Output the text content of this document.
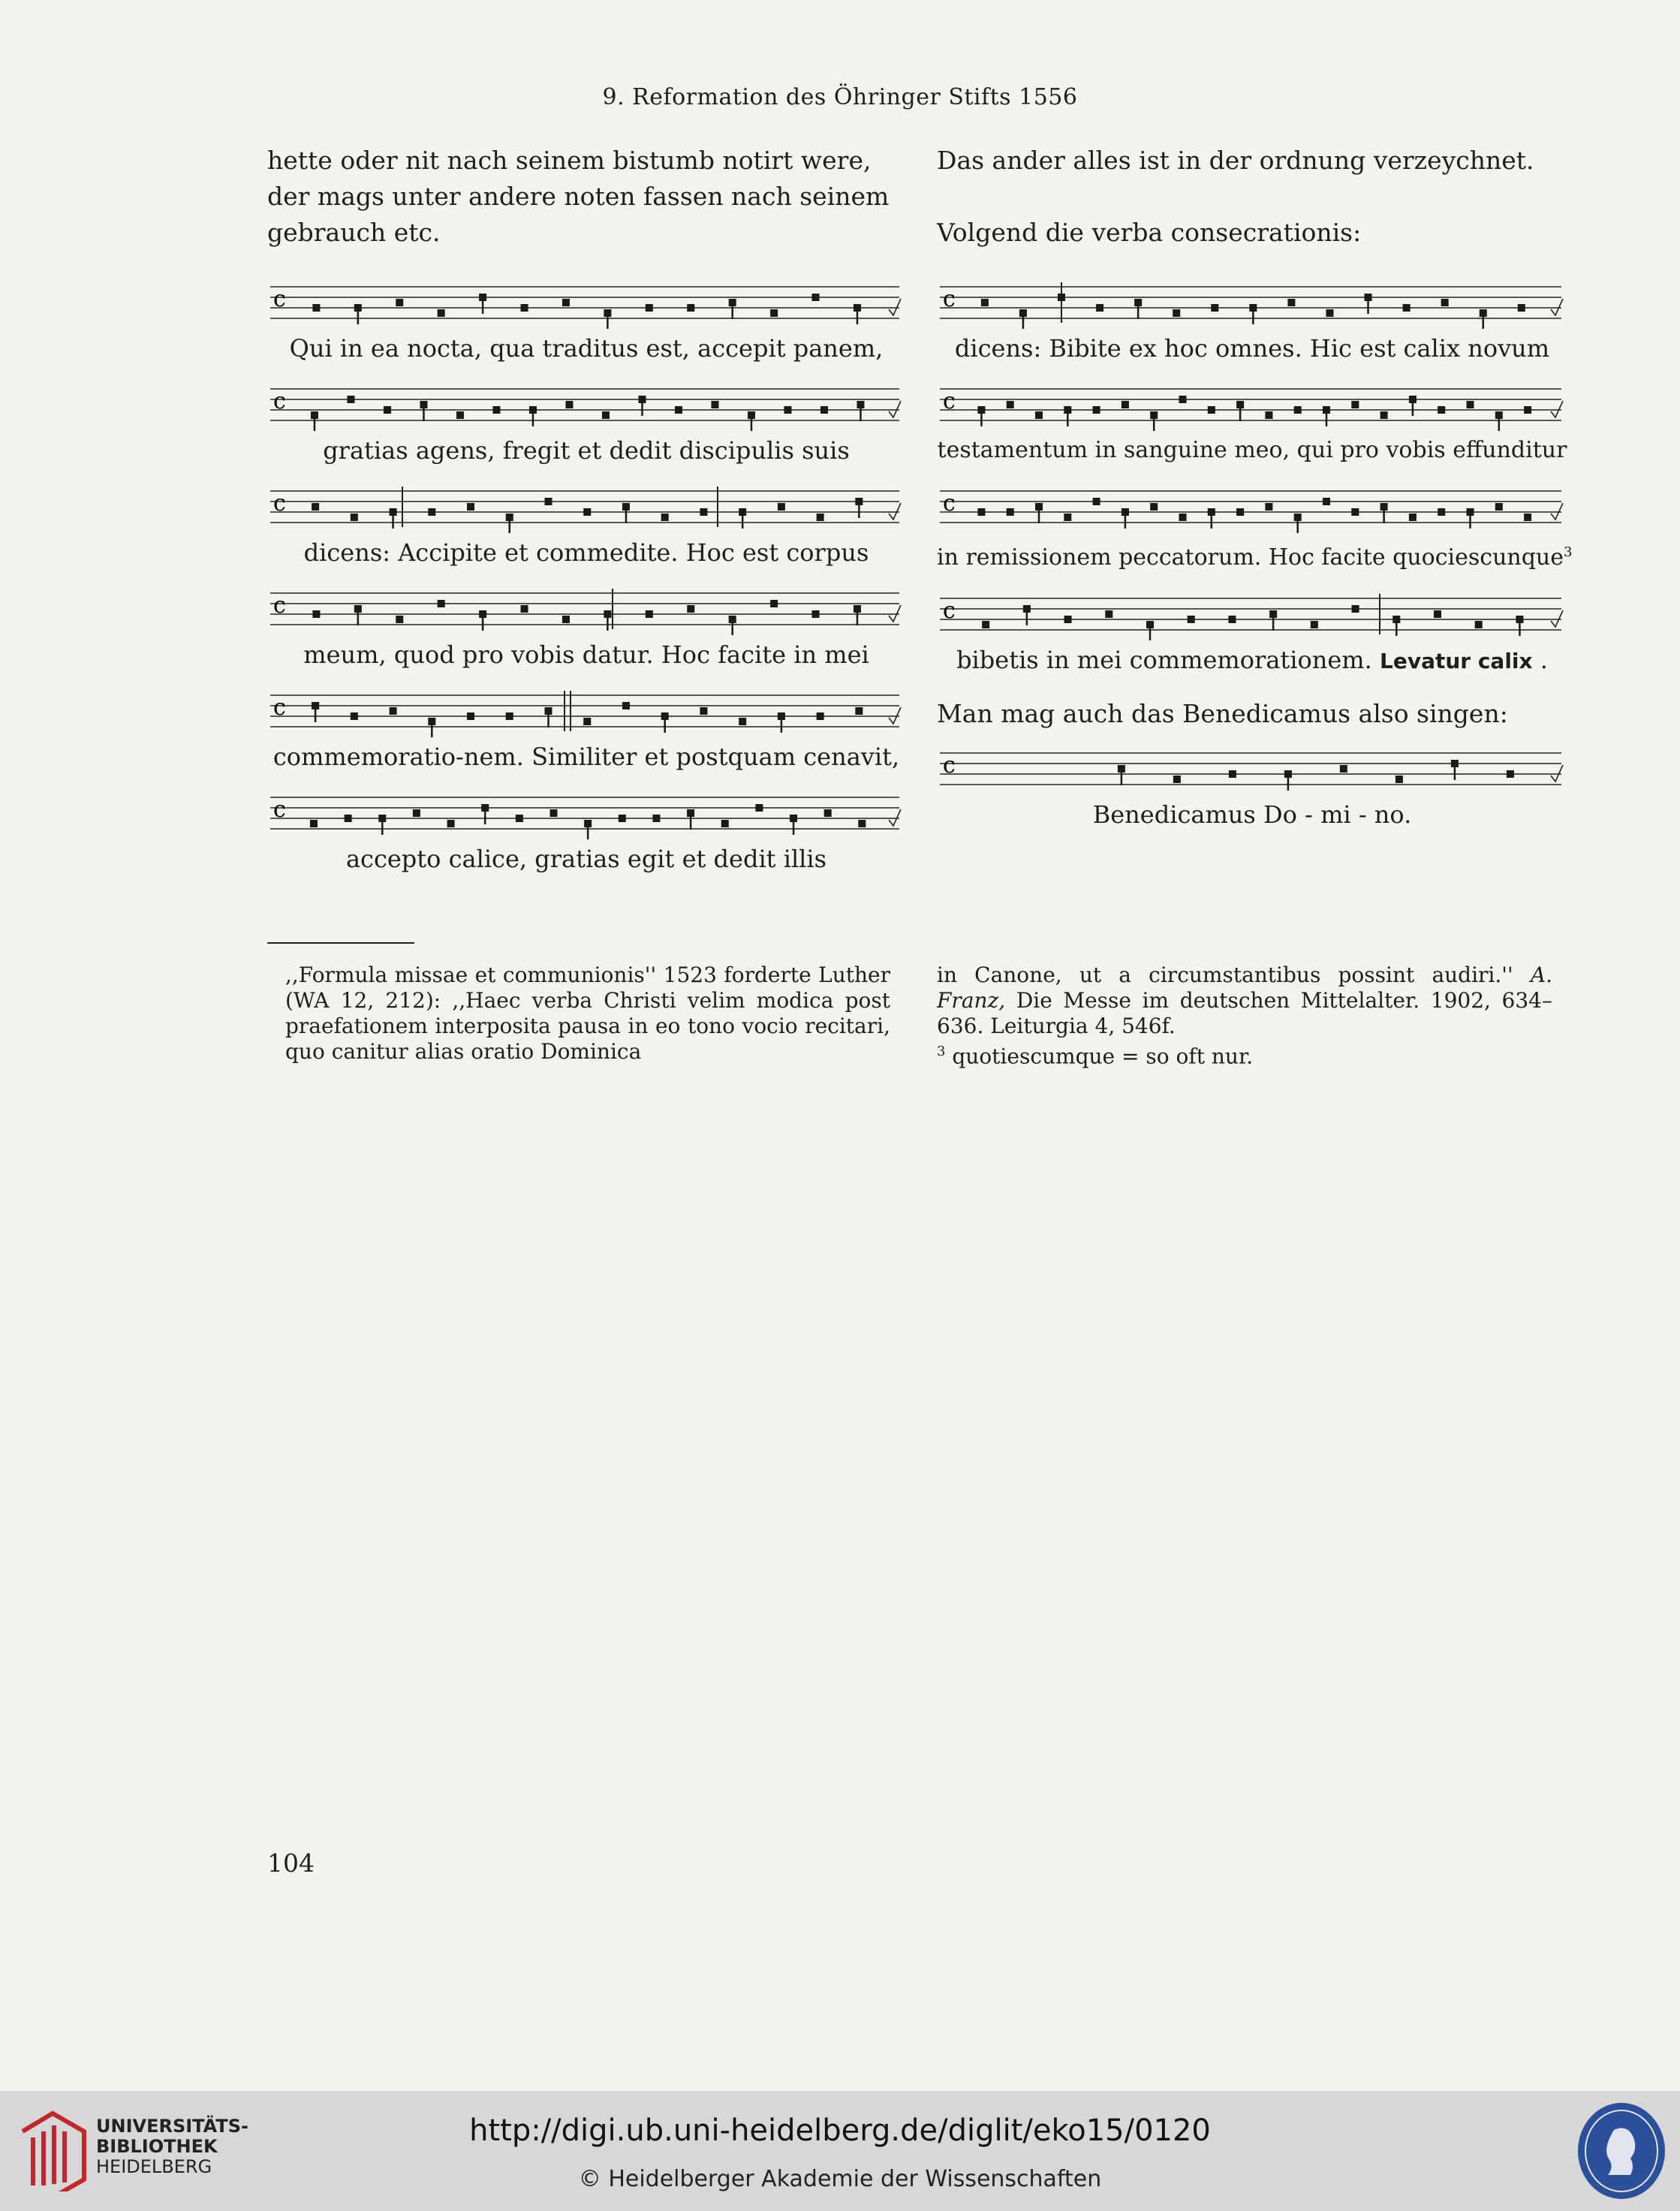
9. Reformation des Öhringer Stifts 1556

hette oder nit nach seinem bistumb notirt were,

der mags unter andere noten fassen nach seinem

gebrauch etc.

c
Qui in ea nocta, qua traditus est, accepit panem,
c
gratias agens, fregit et dedit discipulis suis
c
dicens: Accipite et commedite. Hoc est corpus
c
meum, quod pro vobis datur. Hoc facite in mei
c
commemoratio-nem. Similiter et postquam cenavit,
c
accepto calice, gratias egit et dedit illis

Das ander alles ist in der ordnung verzeychnet.

Volgend die verba consecrationis:

c
dicens: Bibite ex hoc omnes. Hic est calix novum
c
testamentum in sanguine meo, qui pro vobis effunditur
c
in remissionem peccatorum. Hoc facite quociescunque$^3$
c
bibetis in mei commemorationem. Levatur calix .

Man mag auch das Benedicamus also singen:

c
Benedicamus Do - mi - no.

,,Formula missae et communionis'' 1523 forderte Luther (WA 12, 212): ,,Haec verba Christi velim modica post praefationem interposita pausa in eo tono vocio recitari, quo canitur alias oratio Dominica

in Canone, ut a circumstantibus possint audiri.'' A. Franz, Die Messe im deutschen Mittelalter. 1902, 634–636. Leiturgia 4, 546f.

$^3$ quotiescumque = so oft nur.

104
UNIVERSITÄTS-
BIBLIOTHEK
HEIDELBERG
http://digi.ub.uni-heidelberg.de/diglit/eko15/0120
© Heidelberger Akademie der Wissenschaften
